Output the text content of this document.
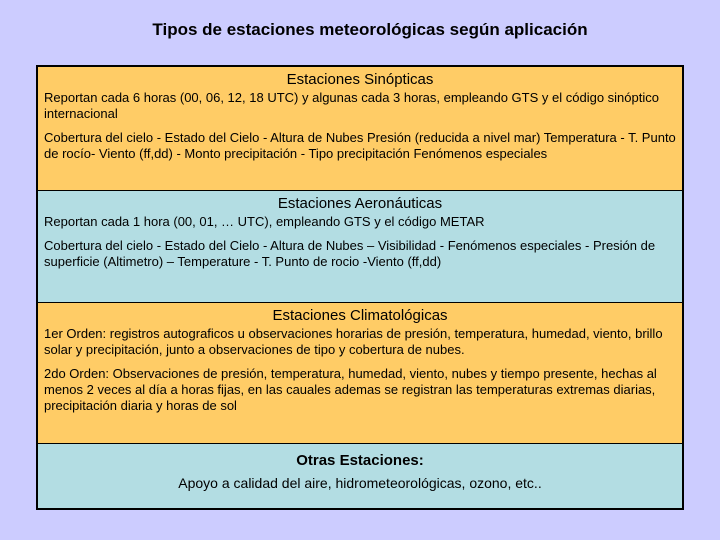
Tipos de estaciones meteorológicas según aplicación
Estaciones Sinópticas
Reportan cada 6 horas (00, 06, 12, 18 UTC) y algunas cada 3 horas, empleando GTS y el código sinóptico internacional
Cobertura del cielo - Estado del Cielo - Altura de Nubes Presión (reducida a nivel mar) Temperatura - T. Punto de rocío- Viento (ff,dd) - Monto precipitación - Tipo precipitación Fenómenos especiales
Estaciones Aeronáuticas
Reportan cada 1 hora (00, 01, … UTC), empleando GTS y el código METAR
Cobertura del cielo - Estado del Cielo - Altura de Nubes – Visibilidad - Fenómenos especiales - Presión de superficie (Altimetro) – Temperature - T. Punto de rocio -Viento (ff,dd)
Estaciones Climatológicas
1er Orden: registros autograficos u observaciones horarias de presión, temperatura, humedad, viento, brillo solar y precipitación, junto a observaciones de tipo y cobertura de nubes.
2do Orden: Observaciones de presión, temperatura, humedad, viento, nubes y tiempo presente, hechas al menos 2 veces al día a horas fijas, en las cauales ademas se registran las temperaturas extremas diarias, precipitación diaria y horas de sol
Otras Estaciones:
Apoyo a calidad del aire, hidrometeorológicas, ozono, etc..
